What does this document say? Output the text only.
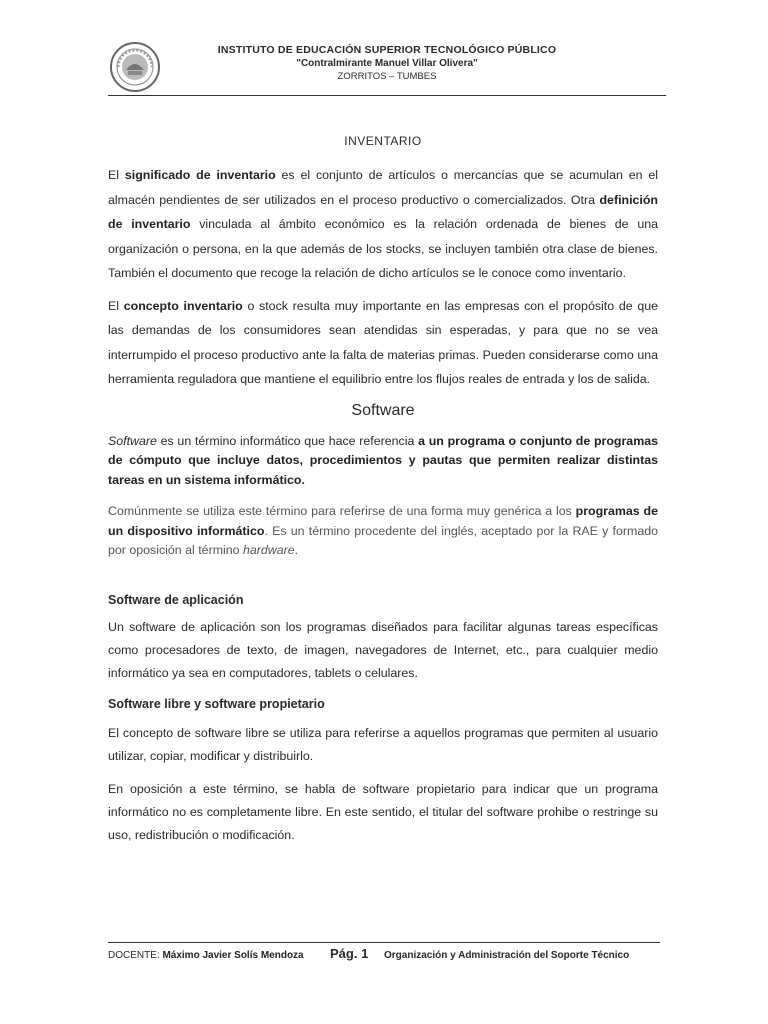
INSTITUTO DE EDUCACIÓN SUPERIOR TECNOLÓGICO PÚBLICO
"Contralmirante Manuel Villar Olivera"
ZORRITOS – TUMBES
INVENTARIO

El significado de inventario es el conjunto de artículos o mercancías que se acumulan en el almacén pendientes de ser utilizados en el proceso productivo o comercializados. Otra definición de inventario vinculada al ámbito económico es la relación ordenada de bienes de una organización o persona, en la que además de los stocks, se incluyen también otra clase de bienes. También el documento que recoge la relación de dicho artículos se le conoce como inventario.

El concepto inventario o stock resulta muy importante en las empresas con el propósito de que las demandas de los consumidores sean atendidas sin esperadas, y para que no se vea interrumpido el proceso productivo ante la falta de materias primas. Pueden considerarse como una herramienta reguladora que mantiene el equilibrio entre los flujos reales de entrada y los de salida.

Software

Software es un término informático que hace referencia a un programa o conjunto de programas de cómputo que incluye datos, procedimientos y pautas que permiten realizar distintas tareas en un sistema informático.

Comúnmente se utiliza este término para referirse de una forma muy genérica a los programas de un dispositivo informático. Es un término procedente del inglés, aceptado por la RAE y formado por oposición al término hardware.

Software de aplicación

Un software de aplicación son los programas diseñados para facilitar algunas tareas específicas como procesadores de texto, de imagen, navegadores de Internet, etc., para cualquier medio informático ya sea en computadores, tablets o celulares.

Software libre y software propietario

El concepto de software libre se utiliza para referirse a aquellos programas que permiten al usuario utilizar, copiar, modificar y distribuirlo.

En oposición a este término, se habla de software propietario para indicar que un programa informático no es completamente libre. En este sentido, el titular del software prohibe o restringe su uso, redistribución o modificación.

DOCENTE: Máximo Javier Solís Mendoza Pág. 1 Organización y Administración del Soporte Técnico
